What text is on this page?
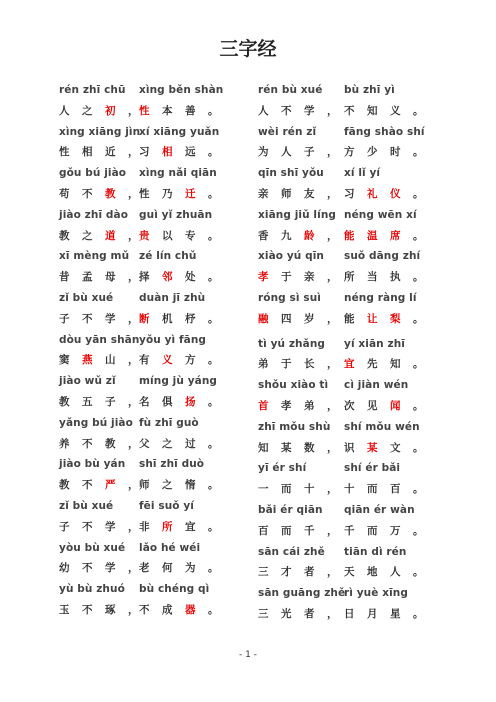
三字经
rén zhī chū xìng běn shàn
人 之 初 ， 性 本 善 。
xìng xiāng jìn
xí xiāng yuǎn
性 相 近 ， 习 相 远 。
gǒu bú jiào xìng nǎi qiān
苟 不 教 ， 性 乃 迁 。
jiào zhī dào guì yǐ zhuān
教 之 道 ， 贵 以 专 。
xī mèng mǔ zé lín chǔ
昔 孟 母 ， 择 邻 处 。
zǐ bù xué duàn jī zhù
子 不 学 ， 断 机 杼 。
dòu yān shān yǒu yì fāng
窦 燕 山 ， 有 义 方 。
jiào wǔ zǐ míng jù yáng
教 五 子 ， 名 俱 扬 。
yǎng bú jiào fù zhī guò
养 不 教 ， 父 之 过 。
jiào bù yán shī zhī duò
教 不 严 ， 师 之 惰 。
zǐ bù xué fēi suǒ yí
子 不 学 ， 非 所 宜 。
yòu bù xué lǎo hé wéi
幼 不 学 ， 老 何 为 。
yù bù zhuó bù chéng qì
玉 不 琢 ， 不 成 器 。
rén bù xué bù zhī yì
人 不 学 ， 不 知 义 。
wèi rén zǐ	fāng shào shí
为 人 子 ， 方 少 时 。
qīn shī yǒu xí lǐ yí
亲 师 友 ， 习 礼 仪 。
xiāng jiǔ líng néng wēn xí
香 九 龄 ， 能 温 席 。
xiào yú qīn suǒ dāng zhí
孝 于 亲 ， 所 当 执 。
róng sì suì néng ràng lí
融 四 岁 ， 能 让 梨 。
tì yú zhǎng yí xiān zhī
弟 于 长 ， 宜 先 知 。
shǒu xiào tì cì jiàn wén
首 孝 弟 ， 次 见 闻 。
zhī mǒu shù shí mǒu wén
知 某 数 ， 识 某 文 。
yī ér shí	shí ér bǎi
一 而 十 ， 十 而 百 。
bǎi ér qiān qiān ér wàn
百 而 千 ， 千 而 万 。
sān cái zhě tiān dì rén
三 才 者 ， 天 地 人 。
sān guāng zhě
rì yuè xīng
三 光 者 ， 日 月 星 。
- 1 -
